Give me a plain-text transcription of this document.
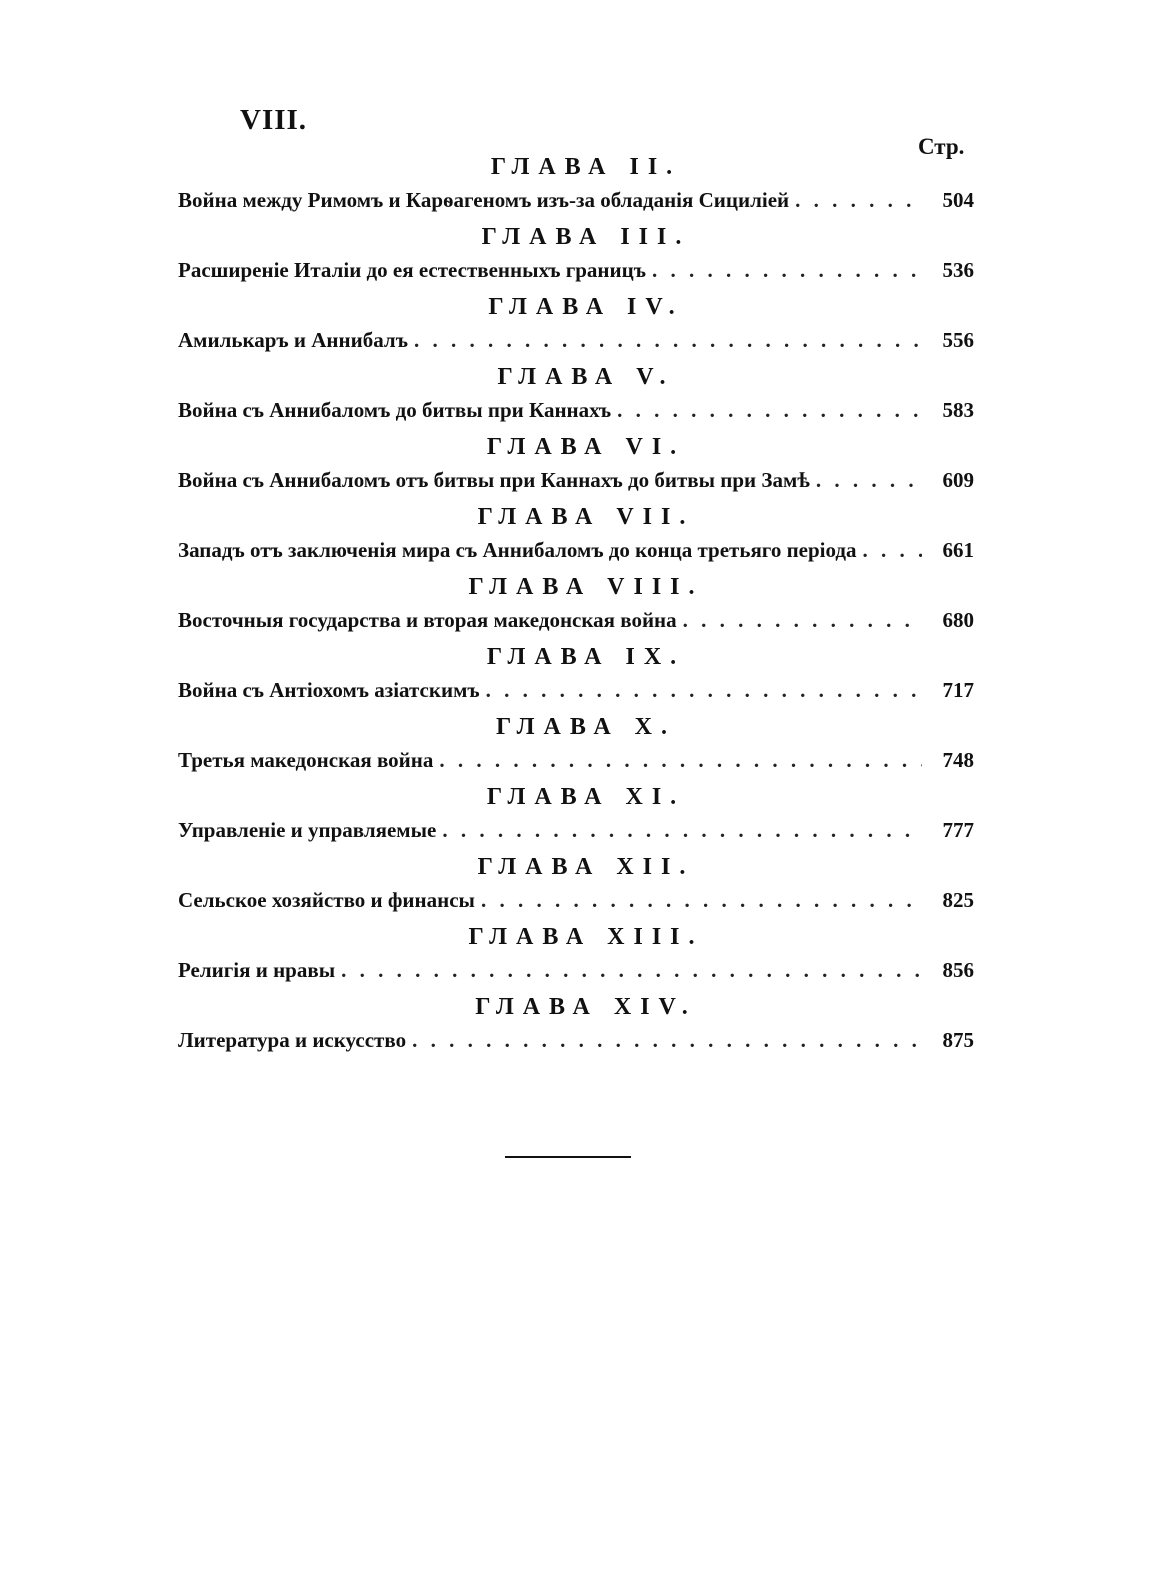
VIII.
Стр.
ГЛАВА II.
Война между Римомъ и Карѳагеномъ изъ-за обладанія Сициліей . . .	504
ГЛАВА III.
Расширеніе Италіи до ея естественныхъ границъ . . .	536
ГЛАВА IV.
Амилькаръ и Аннибалъ . . .	556
ГЛАВА V.
Война съ Аннибаломъ до битвы при Каннахъ . . .	583
ГЛАВА VI.
Война съ Аннибаломъ отъ битвы при Каннахъ до битвы при Замѣ . . .	609
ГЛАВА VII.
Западъ отъ заключенія мира съ Аннибаломъ до конца третьяго періода . . .	661
ГЛАВА VIII.
Восточныя государства и вторая македонская война . . .	680
ГЛАВА IX.
Война съ Антіохомъ азіатскимъ . . .	717
ГЛАВА X.
Третья македонская война . . .	748
ГЛАВА XI.
Управленіе и управляемые . . .	777
ГЛАВА XII.
Сельское хозяйство и финансы . . .	825
ГЛАВА XIII.
Религія и нравы . . .	856
ГЛАВА XIV.
Литература и искусство . . .	875
